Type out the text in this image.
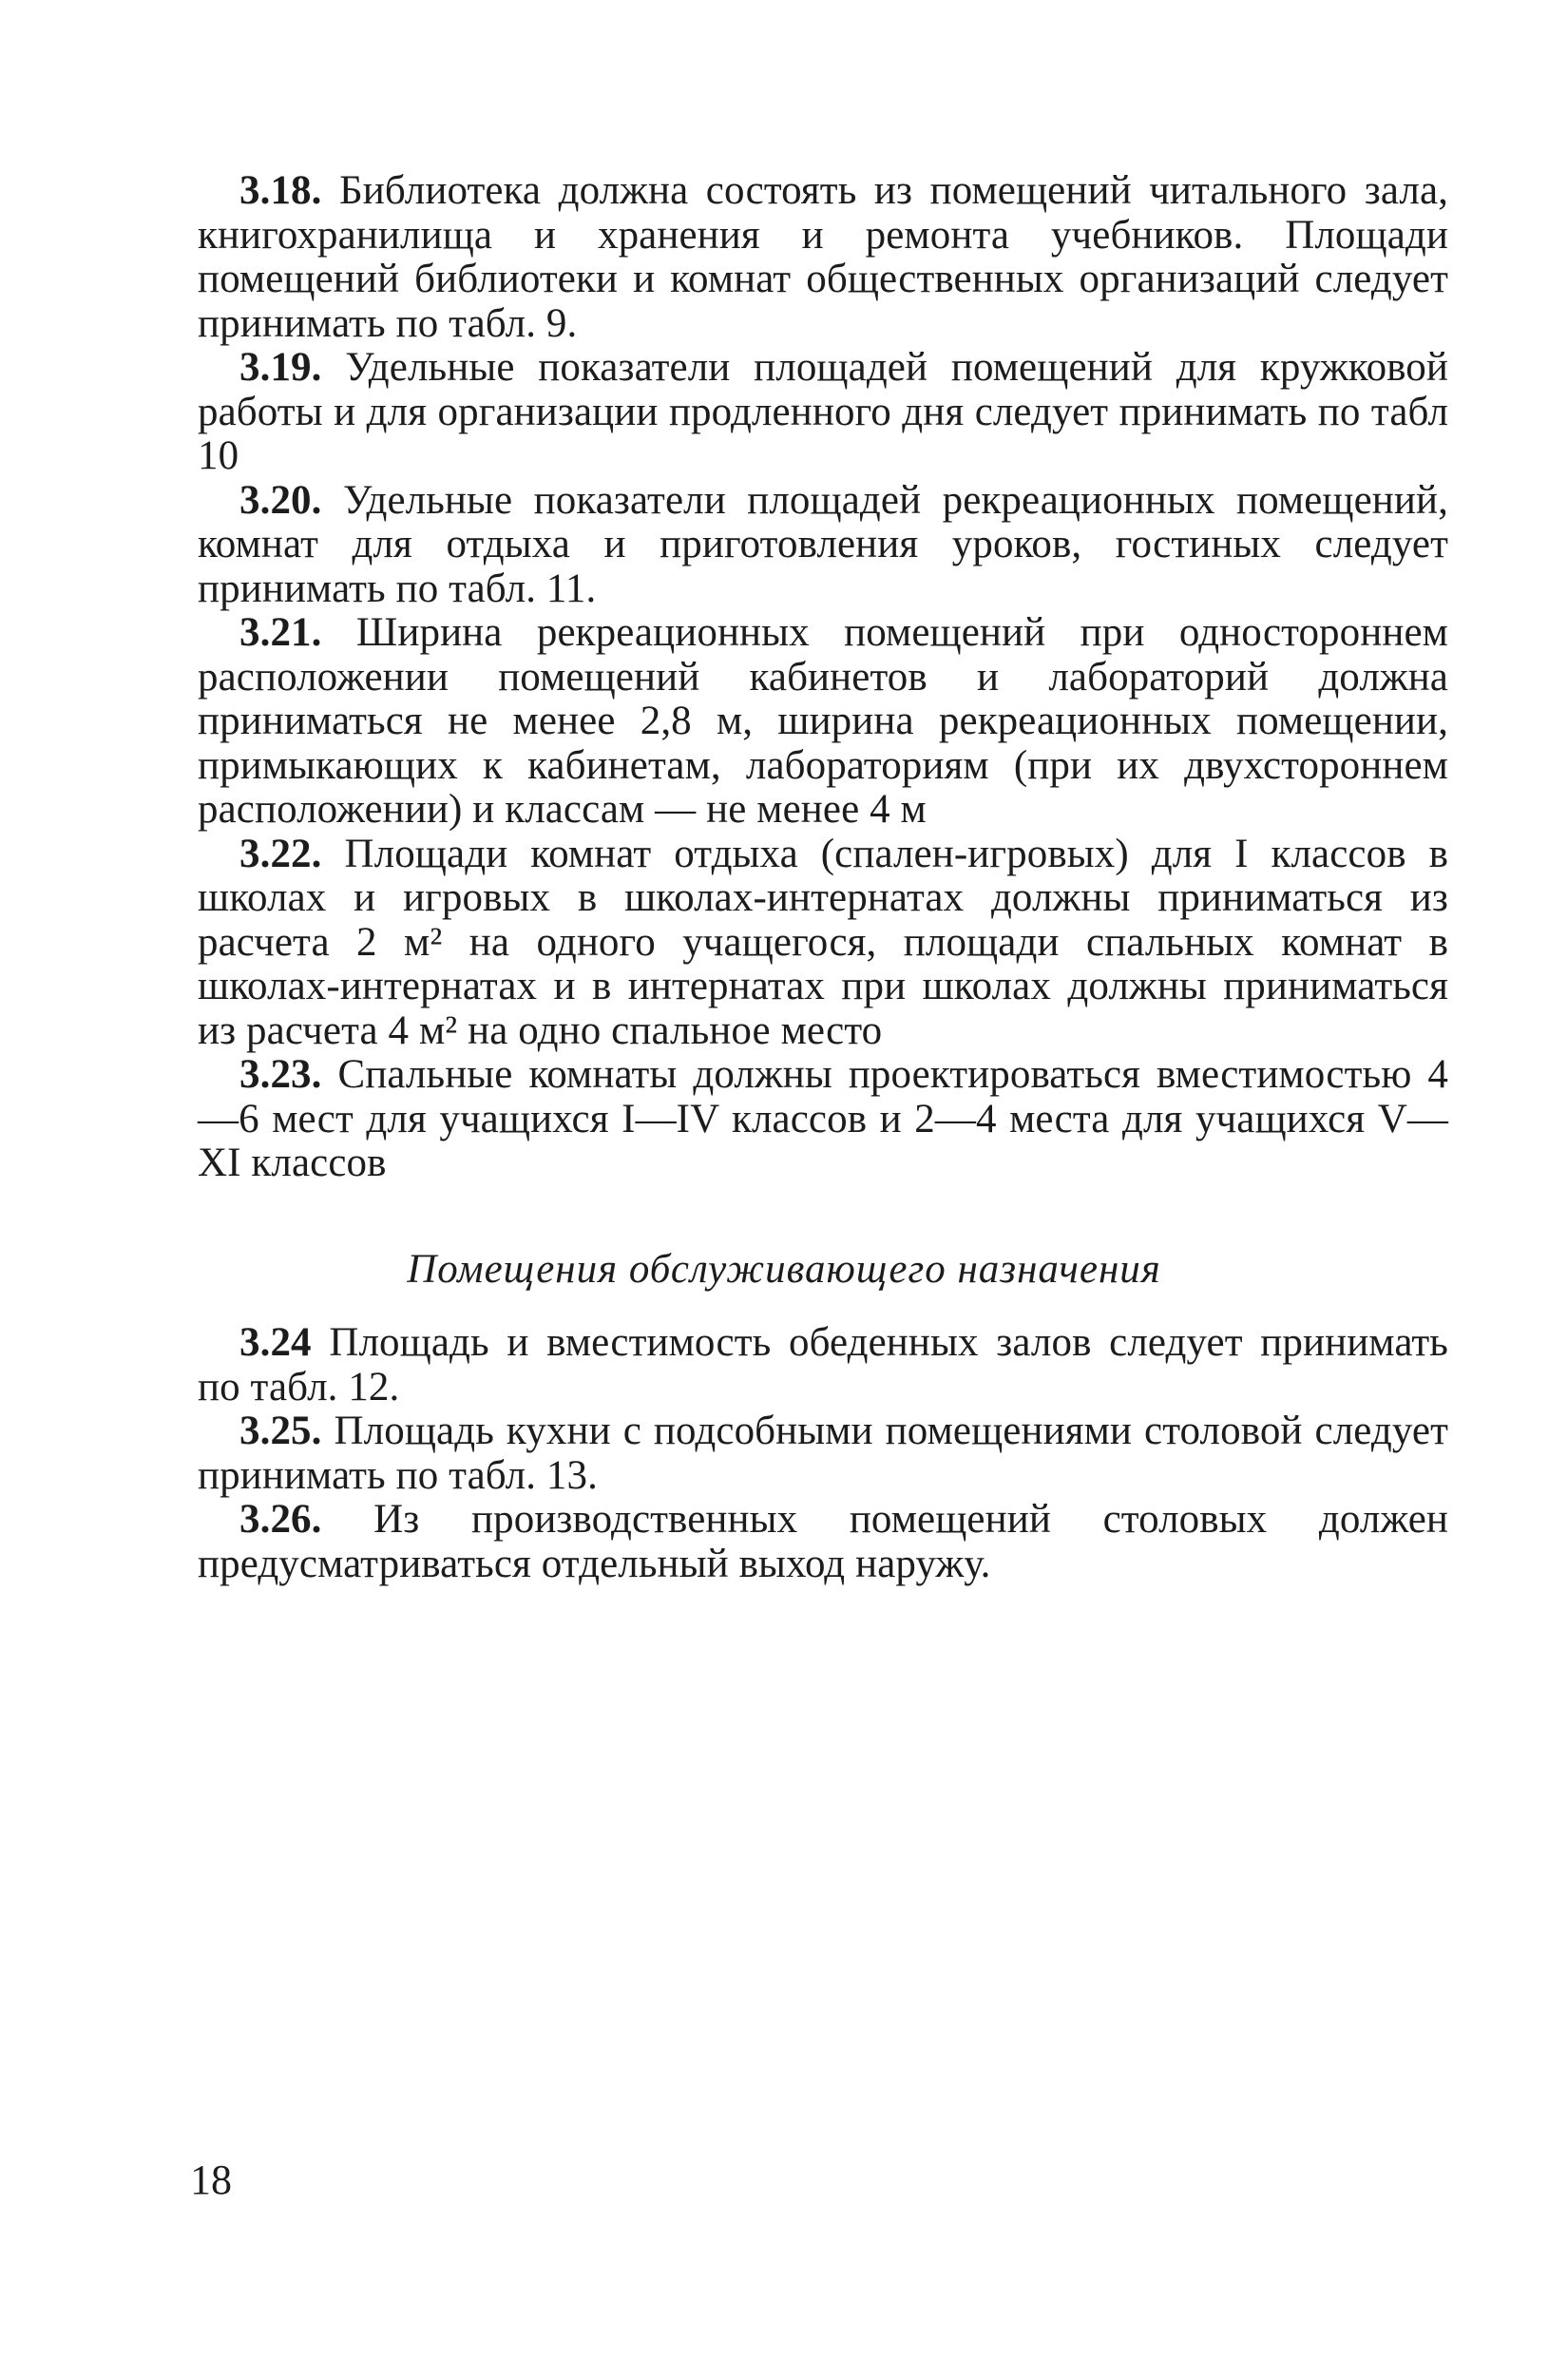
3.18. Библиотека должна состоять из помещений читального зала, книгохранилища и хранения и ремонта учебников. Площади помещений библиотеки и комнат общественных организаций следует принимать по табл. 9.

3.19. Удельные показатели площадей помещений для кружковой работы и для организации продленного дня следует принимать по табл 10

3.20. Удельные показатели площадей рекреационных помещений, комнат для отдыха и приготовления уроков, гостиных следует принимать по табл. 11.

3.21. Ширина рекреационных помещений при одностороннем расположении помещений кабинетов и лабораторий должна приниматься не менее 2,8 м, ширина рекреационных помещении, примыкающих к кабинетам, лабораториям (при их двухстороннем расположении) и классам — не менее 4 м

3.22. Площади комнат отдыха (спален-игровых) для I классов в школах и игровых в школах-интернатах должны приниматься из расчета 2 м² на одного учащегося, площади спальных комнат в школах-интернатах и в интернатах при школах должны приниматься из расчета 4 м² на одно спальное место

3.23. Спальные комнаты должны проектироваться вместимостью 4—6 мест для учащихся I—IV классов и 2—4 места для учащихся V—XI классов

Помещения обслуживающего назначения

3.24 Площадь и вместимость обеденных залов следует принимать по табл. 12.

3.25. Площадь кухни с подсобными помещениями столовой следует принимать по табл. 13.

3.26. Из производственных помещений столовых должен предусматриваться отдельный выход наружу.

18
